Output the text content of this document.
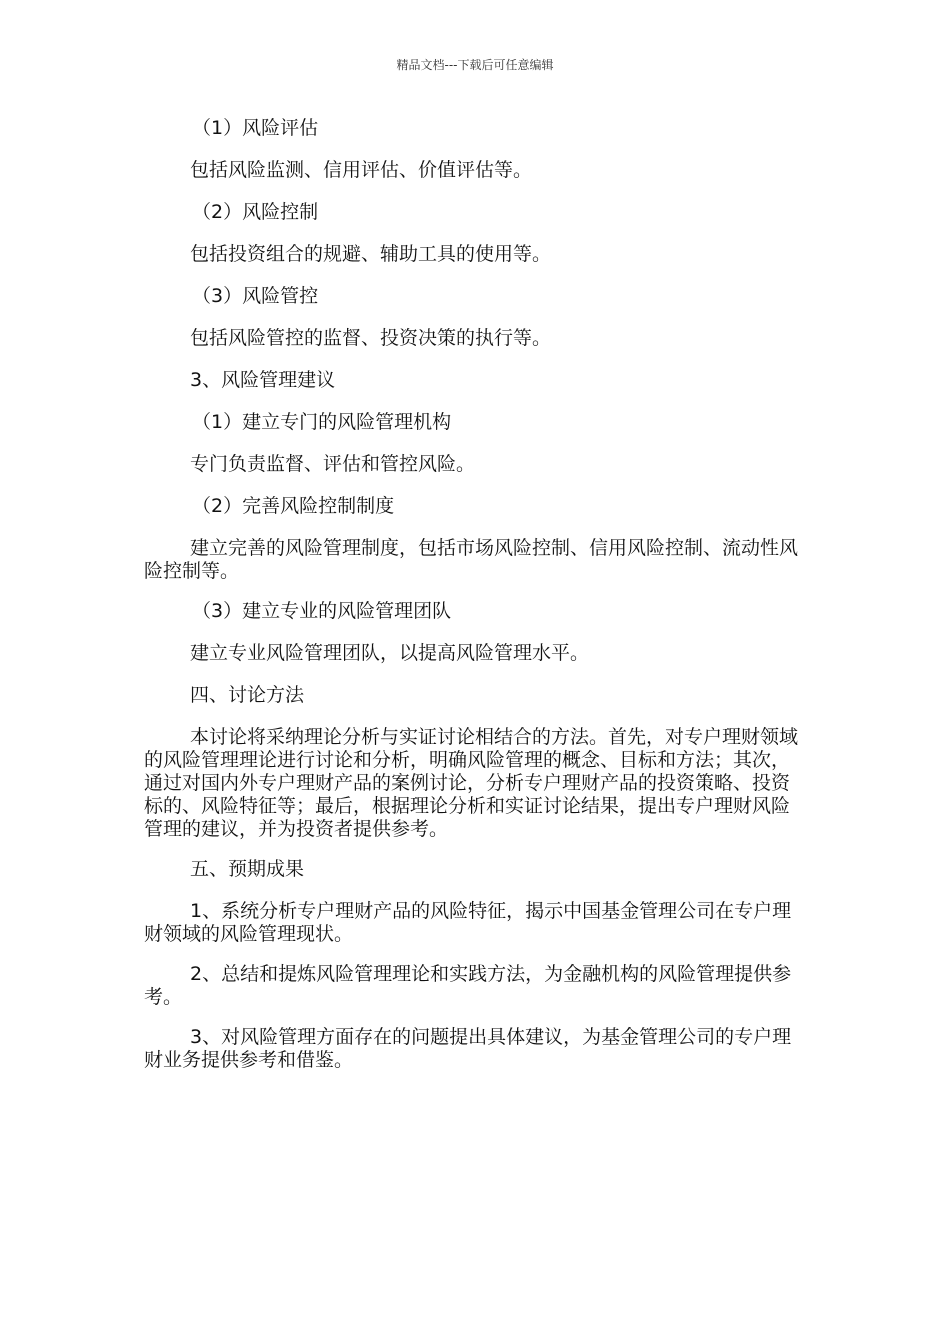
精品文档---下载后可任意编辑

（1）风险评估

包括风险监测、信用评估、价值评估等。

（2）风险控制

包括投资组合的规避、辅助工具的使用等。

（3）风险管控

包括风险管控的监督、投资决策的执行等。

3、风险管理建议

（1）建立专门的风险管理机构

专门负责监督、评估和管控风险。

（2）完善风险控制制度

建立完善的风险管理制度，包括市场风险控制、信用风险控制、流动性风险控制等。

（3）建立专业的风险管理团队

建立专业风险管理团队，以提高风险管理水平。

四、讨论方法

本讨论将采纳理论分析与实证讨论相结合的方法。首先，对专户理财领域的风险管理理论进行讨论和分析，明确风险管理的概念、目标和方法；其次，通过对国内外专户理财产品的案例讨论，分析专户理财产品的投资策略、投资标的、风险特征等；最后，根据理论分析和实证讨论结果，提出专户理财风险管理的建议，并为投资者提供参考。

五、预期成果

1、系统分析专户理财产品的风险特征，揭示中国基金管理公司在专户理财领域的风险管理现状。

2、总结和提炼风险管理理论和实践方法，为金融机构的风险管理提供参考。

3、对风险管理方面存在的问题提出具体建议，为基金管理公司的专户理财业务提供参考和借鉴。
